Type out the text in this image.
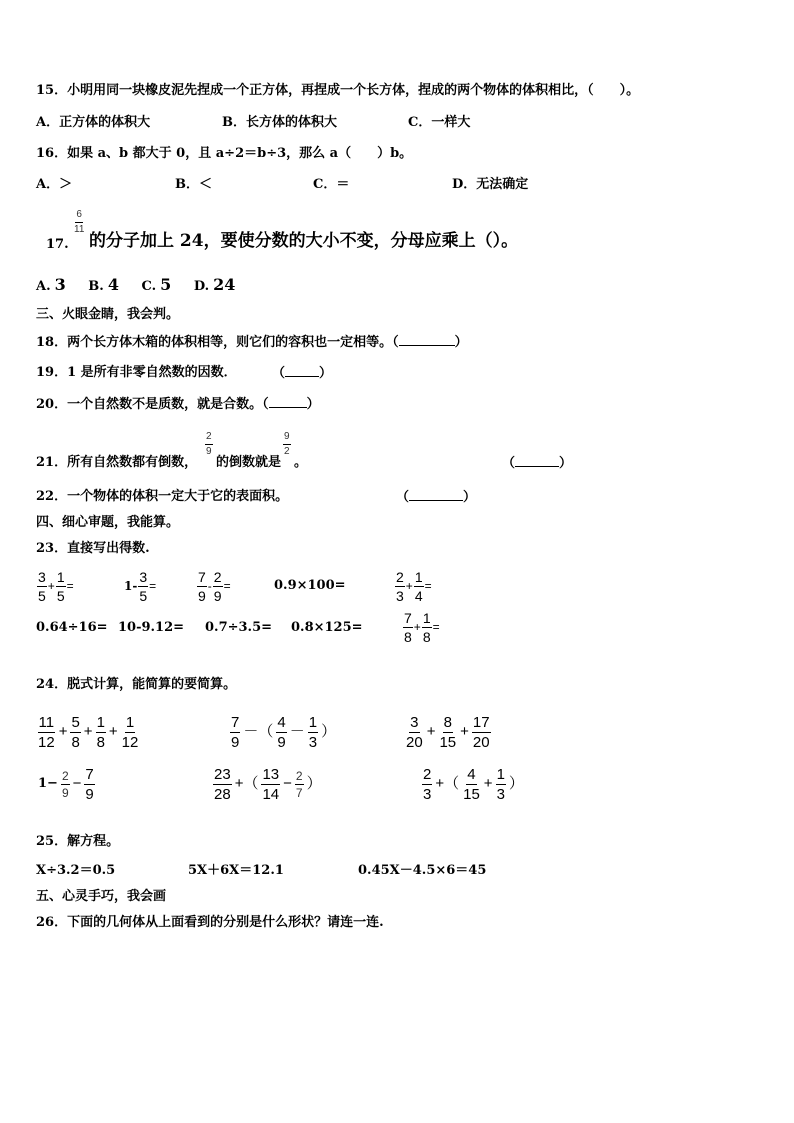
15．小明用同一块橡皮泥先捏成一个正方体，再捏成一个长方体，捏成的两个物体的体积相比，（　　）。
A．正方体的体积大	B．长方体的体积大	C．一样大
16．如果 a、b 都大于 0，且 a÷2＝b÷3，那么 a（　　）b。
A．＞	B．＜	C．＝	D．无法确定
17.
$\frac{6}{11}$
的分子加上 24，要使分数的大小不变，分母应乘上（）。
A. 3 B. 4 C. 5 D. 24
三、火眼金睛，我会判。
18．两个长方体木箱的体积相等，则它们的容积也一定相等。（	）
19．1 是所有非零自然数的因数．	（	）
20．一个自然数不是质数，就是合数。（	）
21．所有自然数都有倒数，
$\frac{2}{9}$
的倒数就是
$\frac{9}{2}$
。	（	）
22．一个物体的体积一定大于它的表面积。	（	）
四、细心审题，我能算。
23．直接写出得数.
$\frac{3}{5} + \frac{1}{5}$ =	$1- \frac{3}{5}$ =	$\frac{7}{9} - \frac{2}{9}$ =	0.9×100=	$\frac{2}{3} + \frac{1}{4}$ =
0.64÷16= 10-9.12= 0.7÷3.5= 0.8×125=	$\frac{7}{8} + \frac{1}{8}$ =
24．脱式计算，能简算的要简算。
$\frac{11}{12} + \frac{5}{8} + \frac{1}{8} + \frac{1}{12}$	$\frac{7}{9}$ －（ $\frac{4}{9} - \frac{1}{3}$ ）	$\frac{3}{20} + \frac{8}{15} + \frac{17}{20}$
$1- \frac{2}{9} - \frac{7}{9}$	$\frac{23}{28}$ +（ $\frac{13}{14} - \frac{2}{7}$ ）	$\frac{2}{3}$ +（ $\frac{4}{15} + \frac{1}{3}$ ）
25．解方程。
X÷3.2＝0.5	5X＋6X＝12.1	0.45X－4.5×6＝45
五、心灵手巧，我会画
26．下面的几何体从上面看到的分别是什么形状？请连一连.
